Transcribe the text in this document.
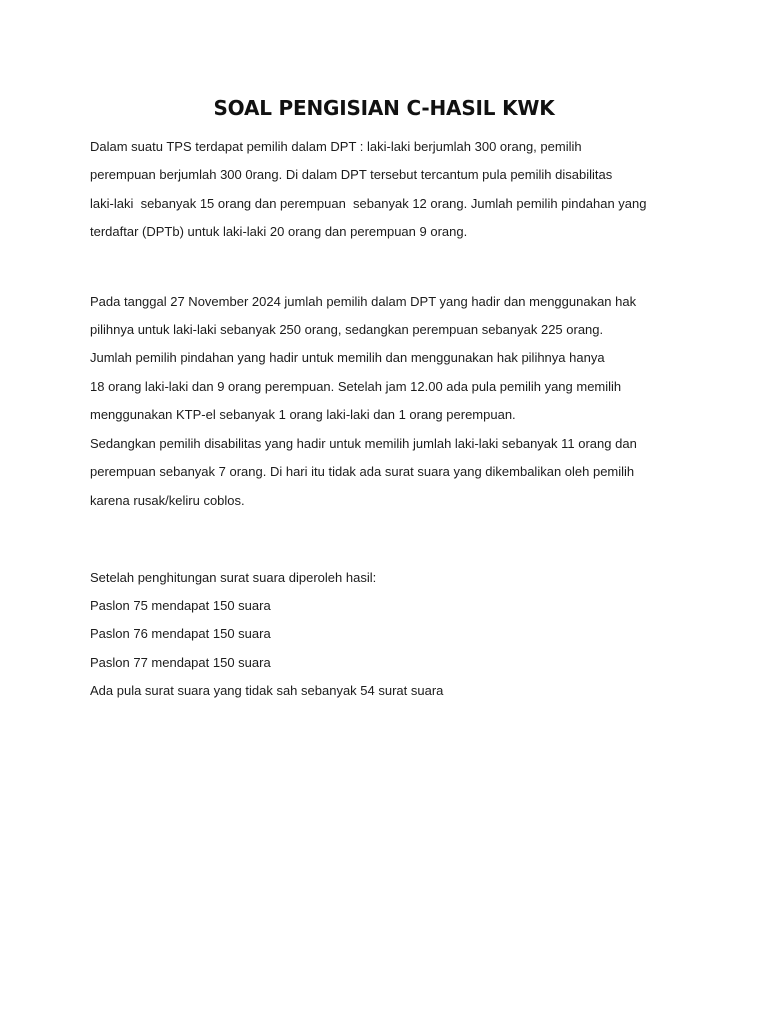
SOAL PENGISIAN C-HASIL KWK
Dalam suatu TPS terdapat pemilih dalam DPT : laki-laki berjumlah 300 orang, pemilih
perempuan berjumlah 300 0rang. Di dalam DPT tersebut tercantum pula pemilih disabilitas
laki-laki  sebanyak 15 orang dan perempuan  sebanyak 12 orang. Jumlah pemilih pindahan yang
terdaftar (DPTb) untuk laki-laki 20 orang dan perempuan 9 orang.
Pada tanggal 27 November 2024 jumlah pemilih dalam DPT yang hadir dan menggunakan hak
pilihnya untuk laki-laki sebanyak 250 orang, sedangkan perempuan sebanyak 225 orang.
Jumlah pemilih pindahan yang hadir untuk memilih dan menggunakan hak pilihnya hanya
18 orang laki-laki dan 9 orang perempuan. Setelah jam 12.00 ada pula pemilih yang memilih
menggunakan KTP-el sebanyak 1 orang laki-laki dan 1 orang perempuan.
Sedangkan pemilih disabilitas yang hadir untuk memilih jumlah laki-laki sebanyak 11 orang dan
perempuan sebanyak 7 orang. Di hari itu tidak ada surat suara yang dikembalikan oleh pemilih
karena rusak/keliru coblos.
Setelah penghitungan surat suara diperoleh hasil:
Paslon 75 mendapat 150 suara
Paslon 76 mendapat 150 suara
Paslon 77 mendapat 150 suara
Ada pula surat suara yang tidak sah sebanyak 54 surat suara
